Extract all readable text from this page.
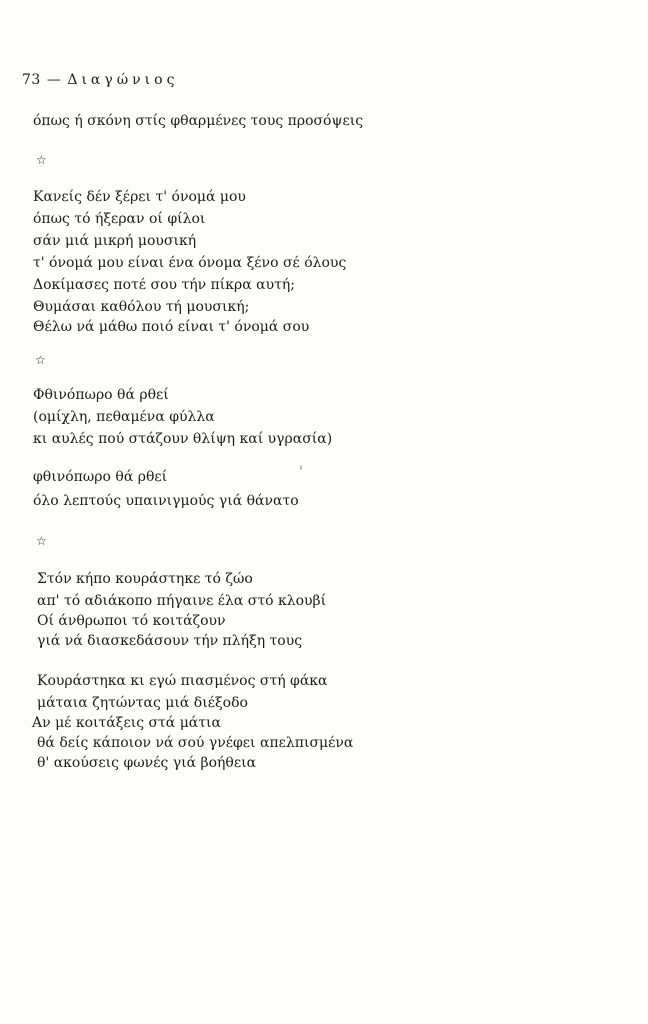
73 — Διαγώνιος
όπως ή σκόνη στίς φθαρμένες τους προσόψεις
☆
Κανείς δέν ξέρει τ' όνομά μου
όπως τό ήξεραν οί φίλοι
σάν μιά μικρή μουσική
τ' όνομά μου είναι ένα όνομα ξένο σέ όλους
Δοκίμασες ποτέ σου τήν πίκρα αυτή;
Θυμάσαι καθόλου τή μουσική;
Θέλω νά μάθω ποιό είναι τ' όνομά σου
☆
Φθινόπωρο θά ρθεί
(ομίχλη, πεθαμένα φύλλα
κι αυλές πού στάζουν θλίψη καί υγρασία)
φθινόπωρο θά ρθεί
όλο λεπτούς υπαινιγμούς γιά θάνατο
☆
Στόν κήπο κουράστηκε τό ζώο
απ' τό αδιάκοπο πήγαινε έλα στό κλουβί
Οί άνθρωποι τό κοιτάζουν
γιά νά διασκεδάσουν τήν πλήξη τους
Κουράστηκα κι εγώ πιασμένος στή φάκα
μάταια ζητώντας μιά διέξοδο
Αν μέ κοιτάξεις στά μάτια
θά δείς κάποιον νά σού γνέφει απελπισμένα
θ' ακούσεις φωνές γιά βοήθεια
